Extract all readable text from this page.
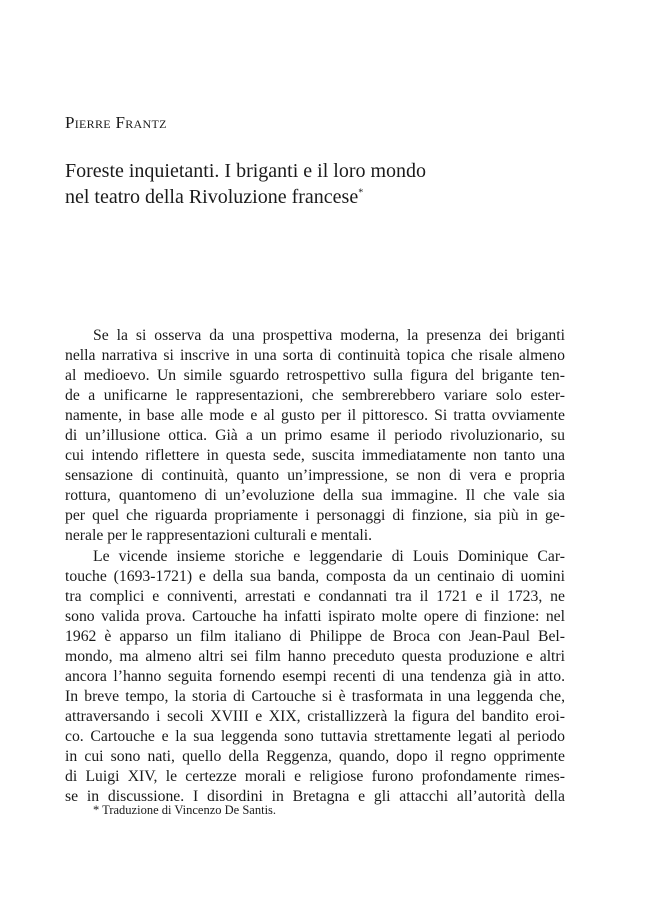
Pierre Frantz
Foreste inquietanti. I briganti e il loro mondo
nel teatro della Rivoluzione francese*
Se la si osserva da una prospettiva moderna, la presenza dei briganti
nella narrativa si inscrive in una sorta di continuità topica che risale almeno
al medioevo. Un simile sguardo retrospettivo sulla figura del brigante ten-
de a unificarne le rappresentazioni, che sembrerebbero variare solo ester-
namente, in base alle mode e al gusto per il pittoresco. Si tratta ovviamente
di un’illusione ottica. Già a un primo esame il periodo rivoluzionario, su
cui intendo riflettere in questa sede, suscita immediatamente non tanto una
sensazione di continuità, quanto un’impressione, se non di vera e propria
rottura, quantomeno di un’evoluzione della sua immagine. Il che vale sia
per quel che riguarda propriamente i personaggi di finzione, sia più in ge-
nerale per le rappresentazioni culturali e mentali.
Le vicende insieme storiche e leggendarie di Louis Dominique Car-
touche (1693-1721) e della sua banda, composta da un centinaio di uomini
tra complici e conniventi, arrestati e condannati tra il 1721 e il 1723, ne
sono valida prova. Cartouche ha infatti ispirato molte opere di finzione: nel
1962 è apparso un film italiano di Philippe de Broca con Jean-Paul Bel-
mondo, ma almeno altri sei film hanno preceduto questa produzione e altri
ancora l’hanno seguita fornendo esempi recenti di una tendenza già in atto.
In breve tempo, la storia di Cartouche si è trasformata in una leggenda che,
attraversando i secoli XVIII e XIX, cristallizzerà la figura del bandito eroi-
co. Cartouche e la sua leggenda sono tuttavia strettamente legati al periodo
in cui sono nati, quello della Reggenza, quando, dopo il regno opprimente
di Luigi XIV, le certezze morali e religiose furono profondamente rimes-
se in discussione. I disordini in Bretagna e gli attacchi all’autorità della
* Traduzione di Vincenzo De Santis.
